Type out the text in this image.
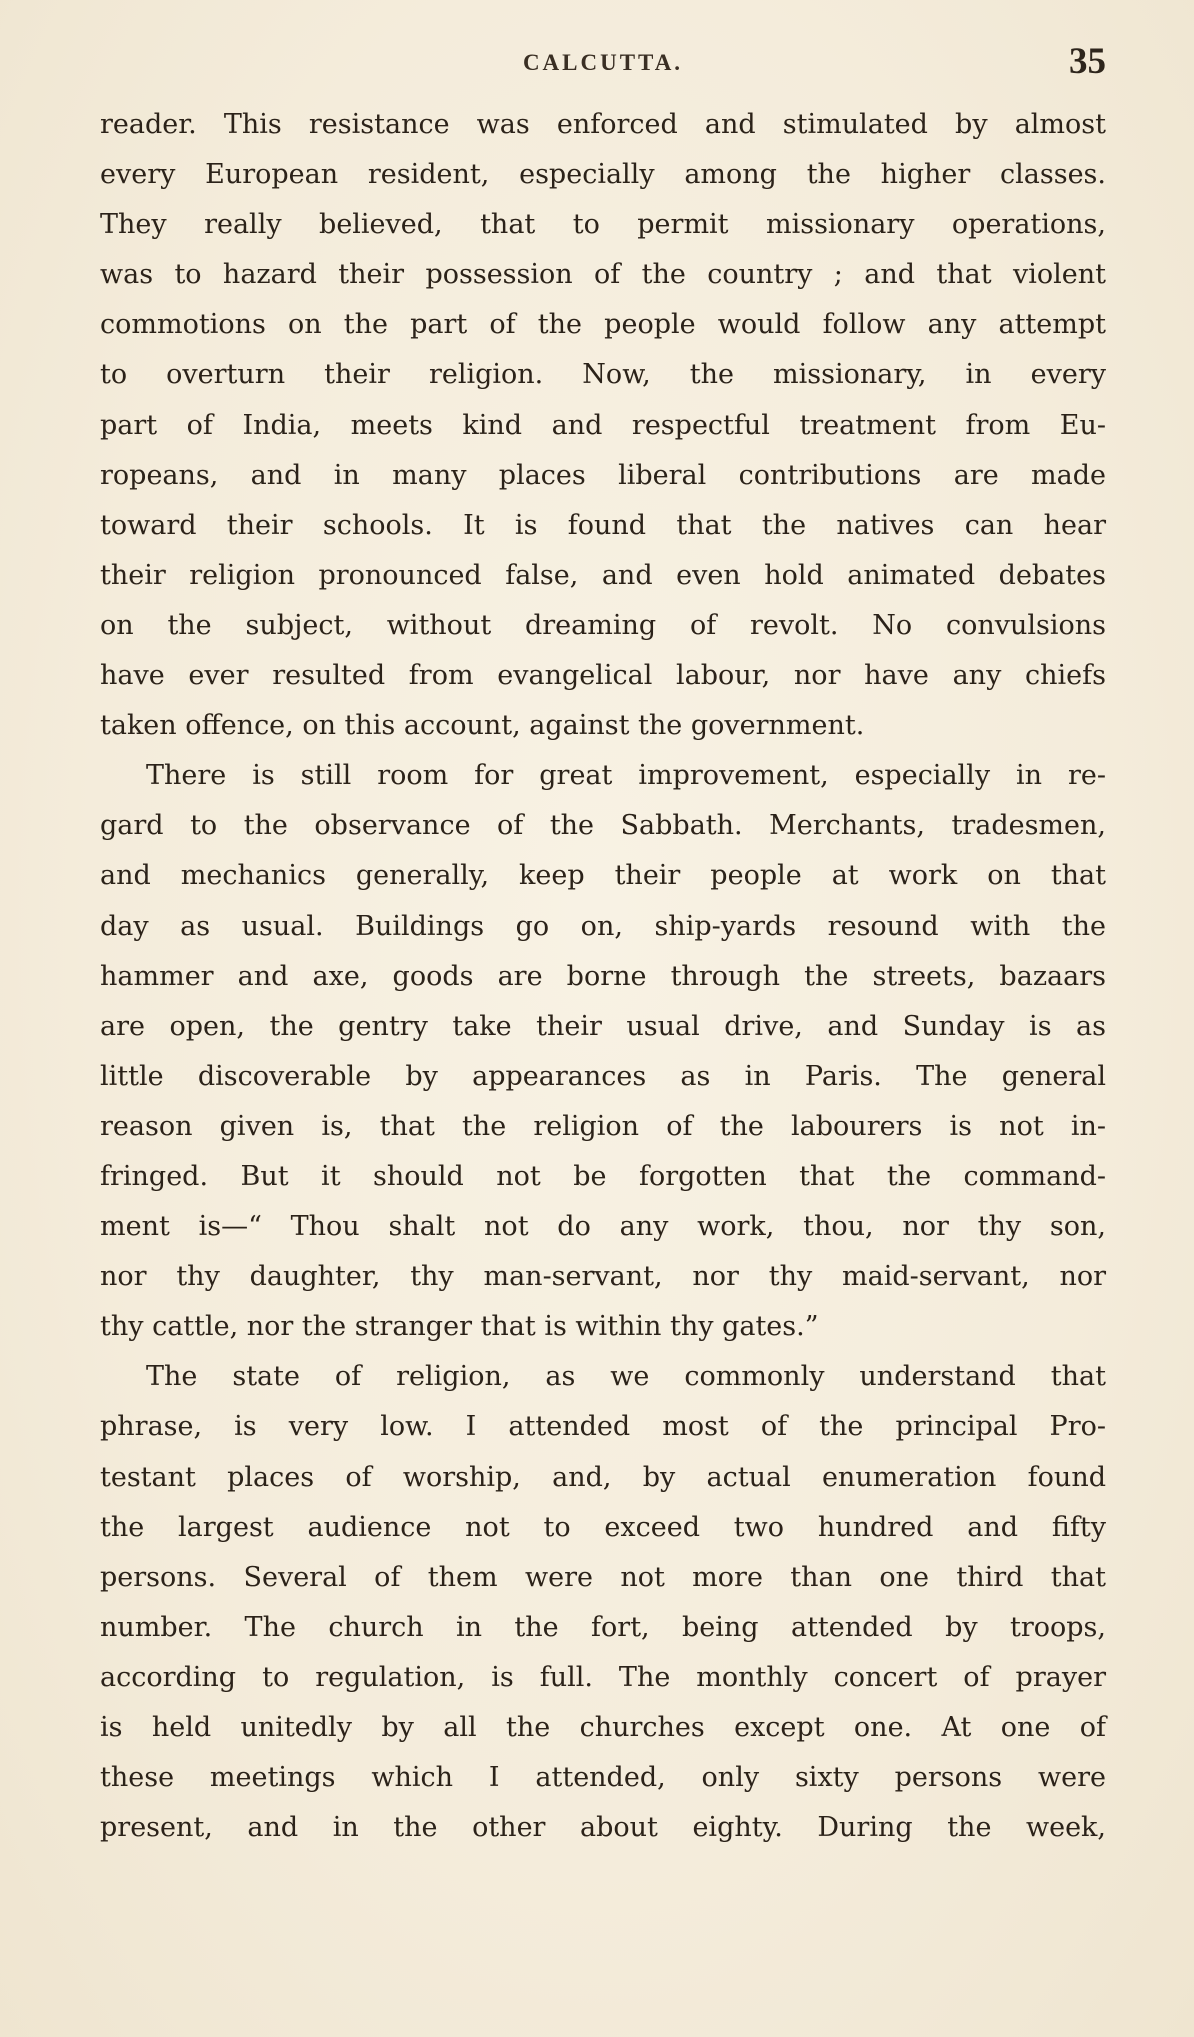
CALCUTTA.	35
reader. This resistance was enforced and stimulated by almost
every European resident, especially among the higher classes.
They really believed, that to permit missionary operations,
was to hazard their possession of the country ; and that violent
commotions on the part of the people would follow any attempt
to overturn their religion. Now, the missionary, in every
part of India, meets kind and respectful treatment from Eu-
ropeans, and in many places liberal contributions are made
toward their schools. It is found that the natives can hear
their religion pronounced false, and even hold animated debates
on the subject, without dreaming of revolt. No convulsions
have ever resulted from evangelical labour, nor have any chiefs
taken offence, on this account, against the government.
There is still room for great improvement, especially in re-
gard to the observance of the Sabbath. Merchants, tradesmen,
and mechanics generally, keep their people at work on that
day as usual. Buildings go on, ship-yards resound with the
hammer and axe, goods are borne through the streets, bazaars
are open, the gentry take their usual drive, and Sunday is as
little discoverable by appearances as in Paris. The general
reason given is, that the religion of the labourers is not in-
fringed. But it should not be forgotten that the command-
ment is—“ Thou shalt not do any work, thou, nor thy son,
nor thy daughter, thy man-servant, nor thy maid-servant, nor
thy cattle, nor the stranger that is within thy gates.”
The state of religion, as we commonly understand that
phrase, is very low. I attended most of the principal Pro-
testant places of worship, and, by actual enumeration found
the largest audience not to exceed two hundred and fifty
persons. Several of them were not more than one third that
number. The church in the fort, being attended by troops,
according to regulation, is full. The monthly concert of prayer
is held unitedly by all the churches except one. At one of
these meetings which I attended, only sixty persons were
present, and in the other about eighty. During the week,
